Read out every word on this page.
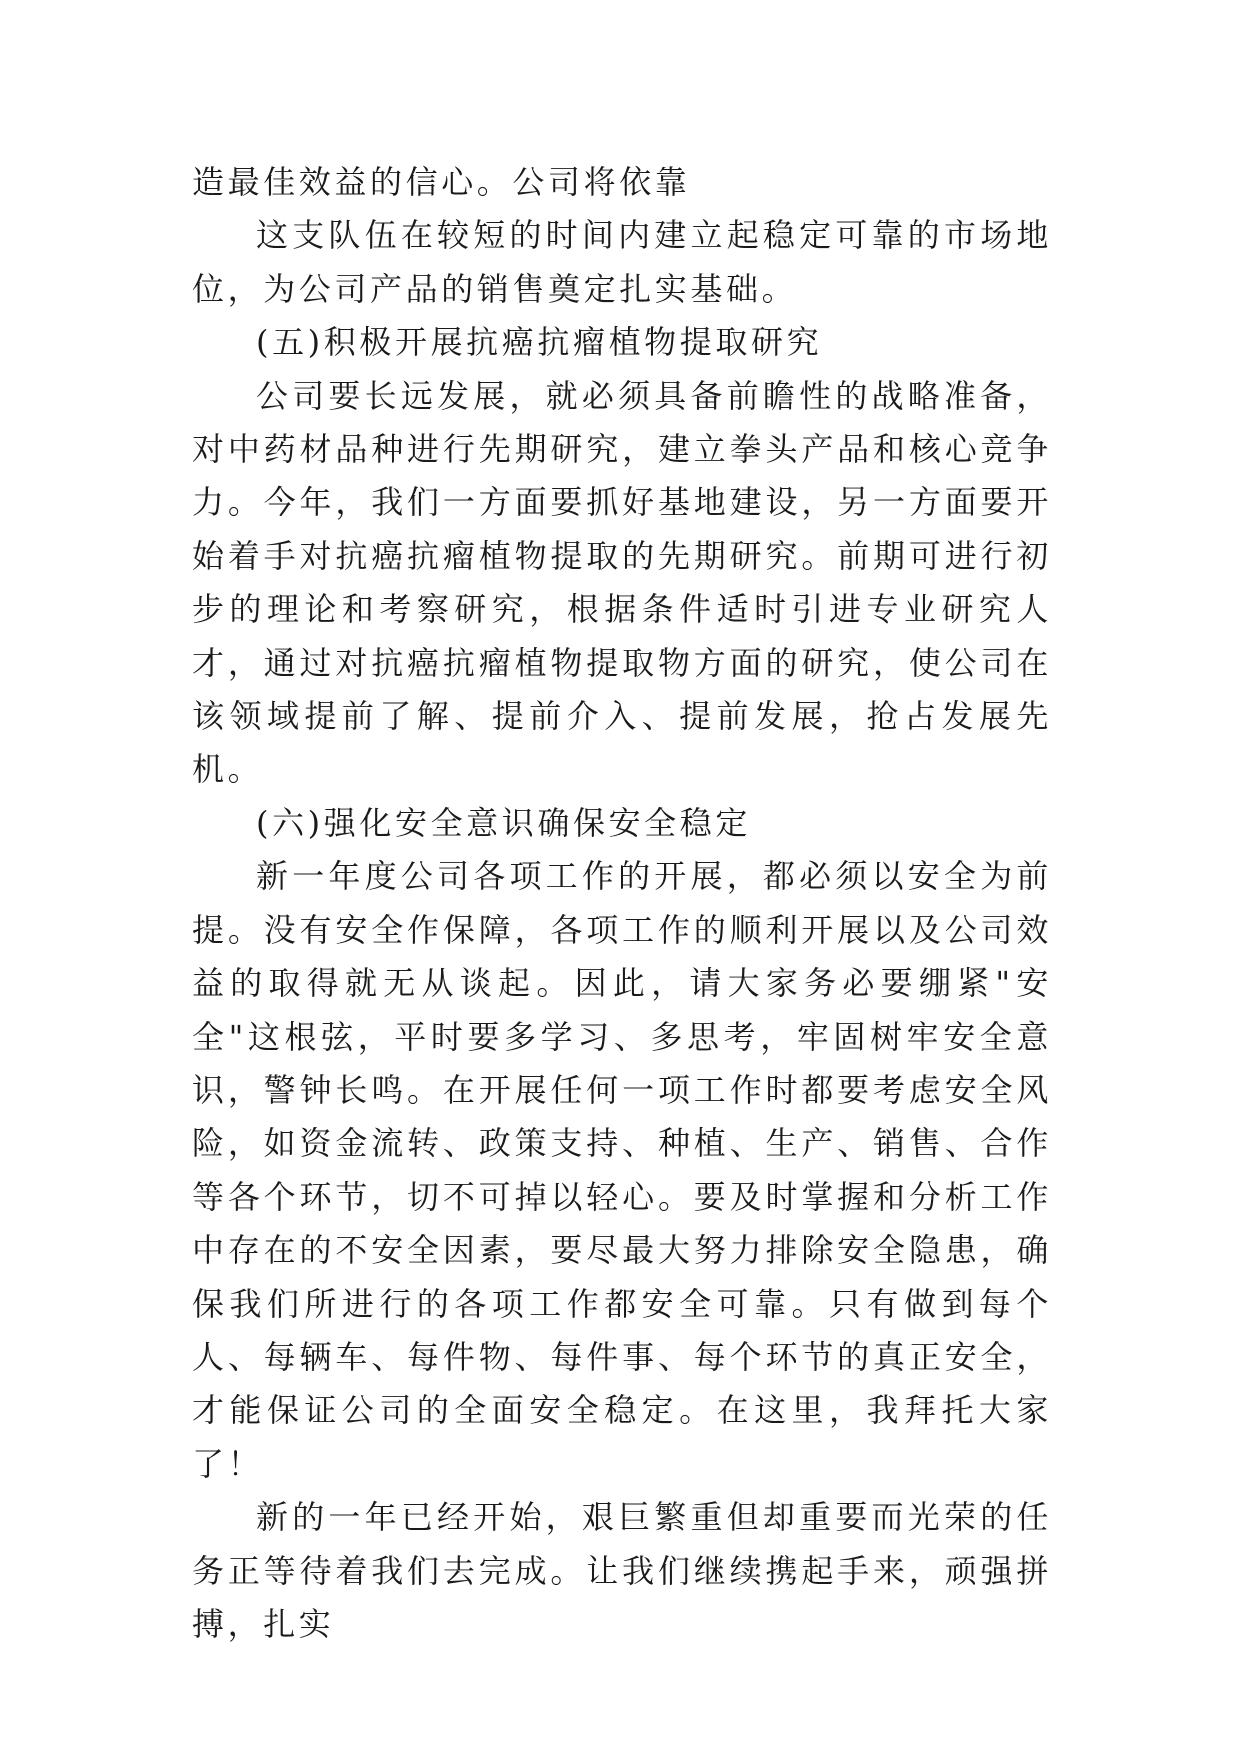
造最佳效益的信心。公司将依靠

这支队伍在较短的时间内建立起稳定可靠的市场地位，为公司产品的销售奠定扎实基础。

(五)积极开展抗癌抗瘤植物提取研究

公司要长远发展，就必须具备前瞻性的战略准备，对中药材品种进行先期研究，建立拳头产品和核心竞争力。今年，我们一方面要抓好基地建设，另一方面要开始着手对抗癌抗瘤植物提取的先期研究。前期可进行初步的理论和考察研究，根据条件适时引进专业研究人才，通过对抗癌抗瘤植物提取物方面的研究，使公司在该领域提前了解、提前介入、提前发展，抢占发展先机。

(六)强化安全意识确保安全稳定

新一年度公司各项工作的开展，都必须以安全为前提。没有安全作保障，各项工作的顺利开展以及公司效益的取得就无从谈起。因此，请大家务必要绷紧"安全"这根弦，平时要多学习、多思考，牢固树牢安全意识，警钟长鸣。在开展任何一项工作时都要考虑安全风险，如资金流转、政策支持、种植、生产、销售、合作等各个环节，切不可掉以轻心。要及时掌握和分析工作中存在的不安全因素，要尽最大努力排除安全隐患，确保我们所进行的各项工作都安全可靠。只有做到每个人、每辆车、每件物、每件事、每个环节的真正安全，才能保证公司的全面安全稳定。在这里，我拜托大家了！

新的一年已经开始，艰巨繁重但却重要而光荣的任务正等待着我们去完成。让我们继续携起手来，顽强拼搏，扎实
